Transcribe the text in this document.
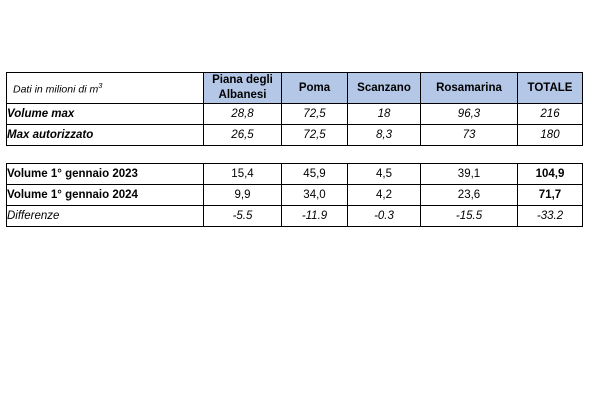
Dati in milioni di $m^3$	Piana degli Albanesi	Poma	Scanzano	Rosamarina	TOTALE
Volume max	28,8	72,5	18	96,3	216
Max autorizzato	26,5	72,5	8,3	73	180

Volume 1° gennaio 2023	15,4	45,9	4,5	39,1	104,9
Volume 1° gennaio 2024	9,9	34,0	4,2	23,6	71,7
Differenze	-5.5	-11.9	-0.3	-15.5	-33.2
